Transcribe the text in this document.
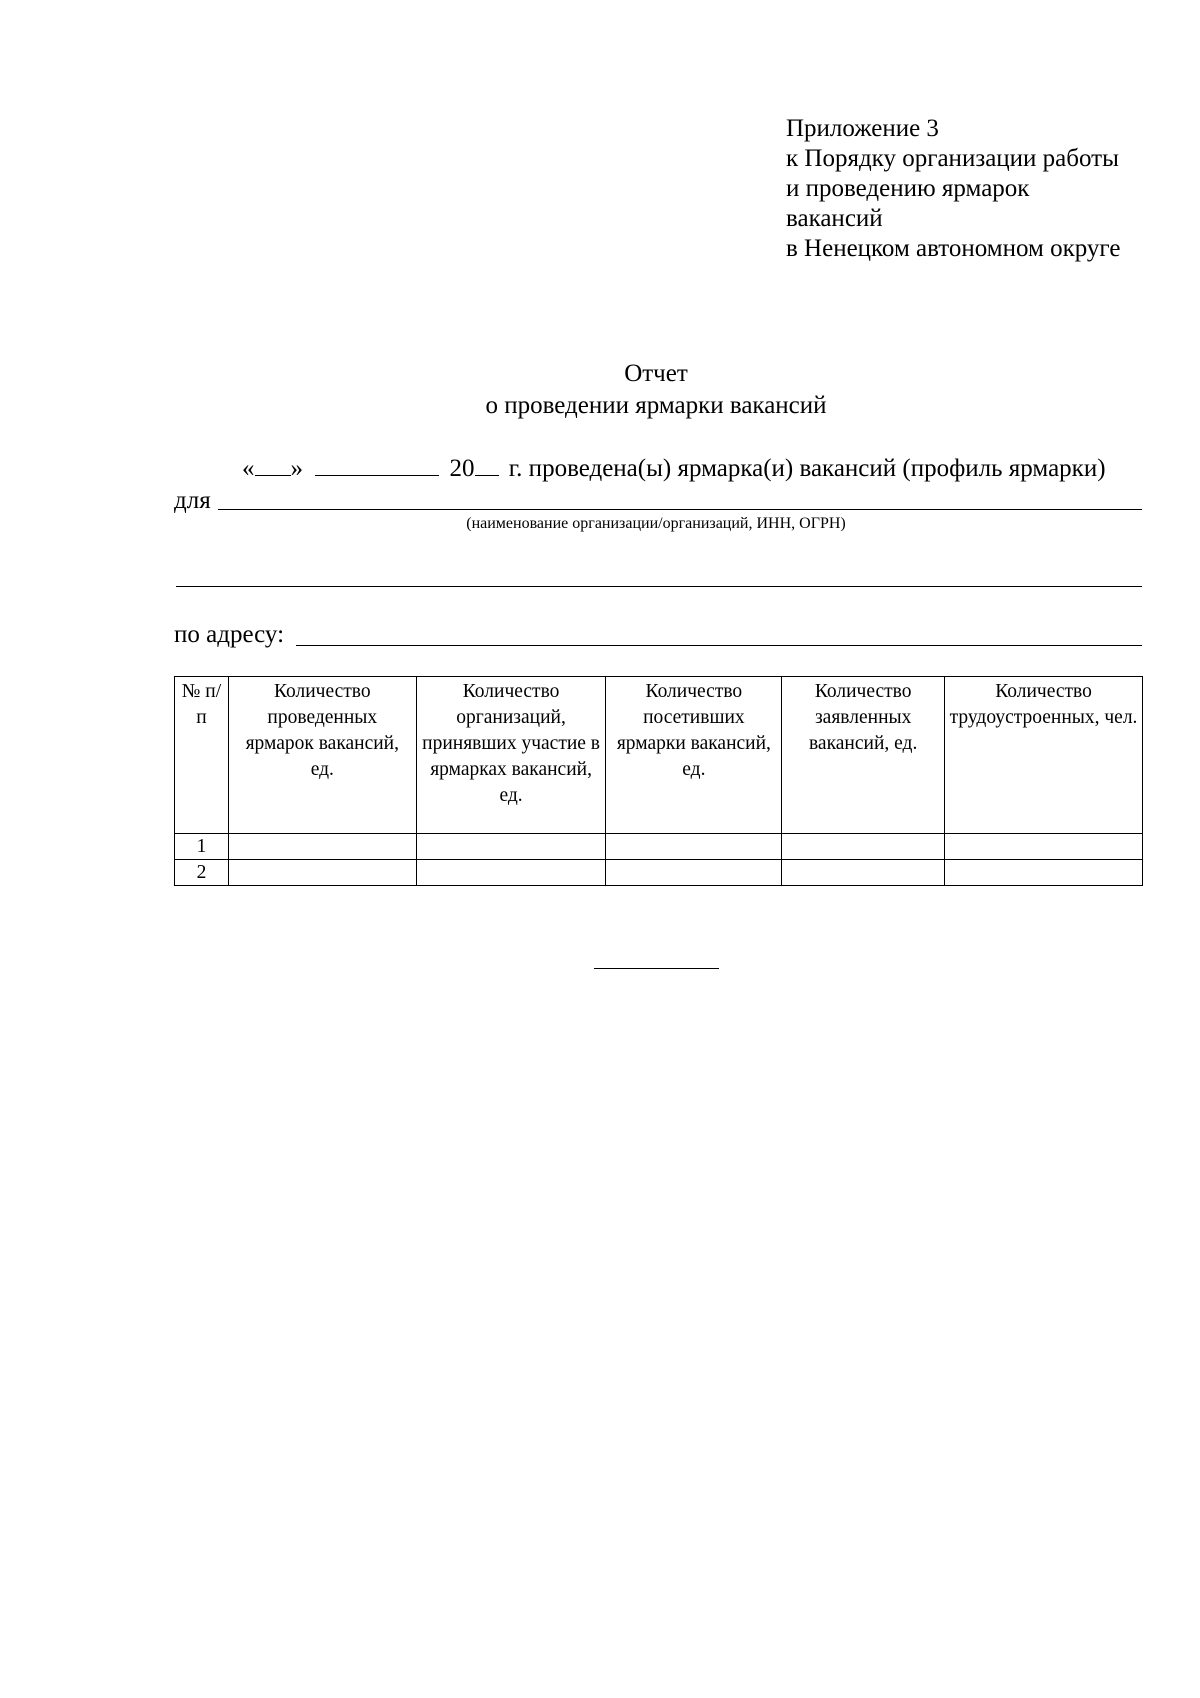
Приложение 3
к Порядку организации работы
и проведению ярмарок
вакансий
в Ненецком автономном округе
Отчет
о проведении ярмарки вакансий
« »	20 г. проведена(ы) ярмарка(и) вакансий (профиль ярмарки)
для
(наименование организации/организаций, ИНН, ОГРН)
по адресу:
№ п/п	Количество проведенных ярмарок вакансий, ед.	Количество организаций, принявших участие в ярмарках вакансий, ед.	Количество посетивших ярмарки вакансий, ед.	Количество заявленных вакансий, ед.	Количество трудоустроенных, чел.
1					
2					
